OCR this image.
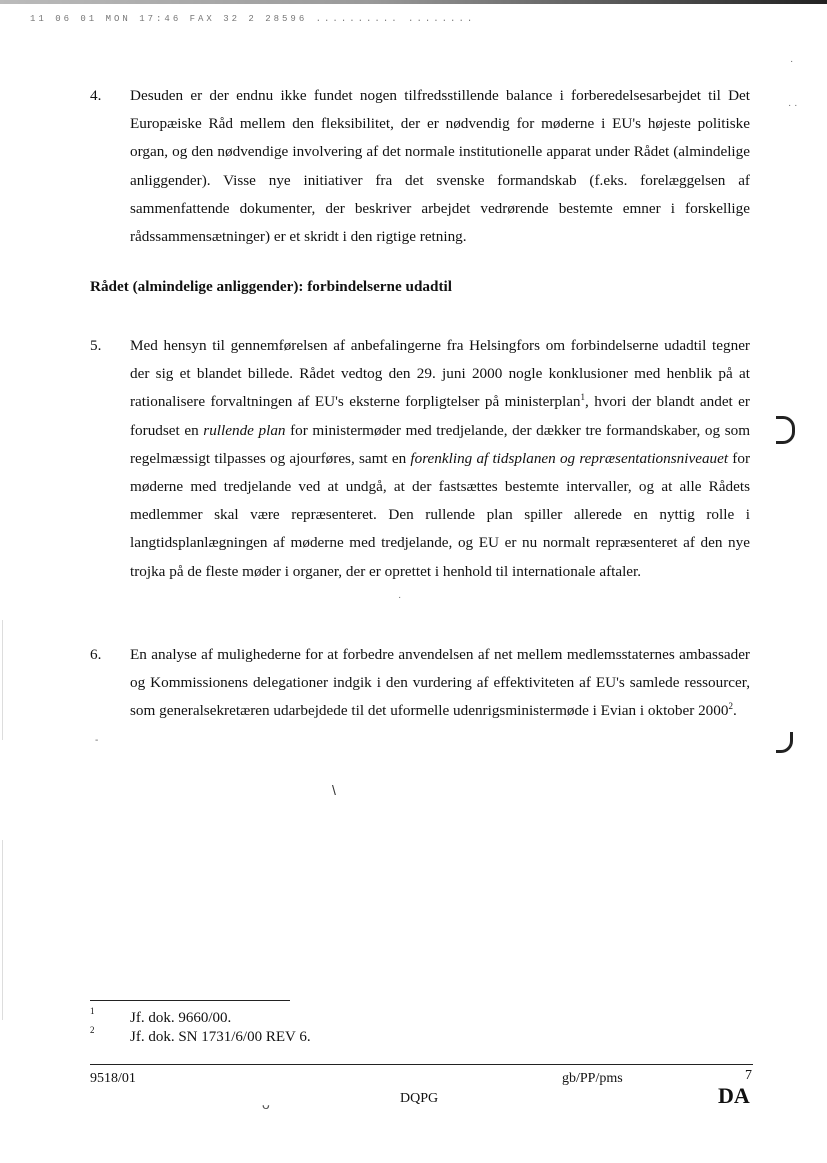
11 06 01 MON 17:46 FAX 32 2 28596 .......... ........
·
· ·
·
-
\
ᴗ
4. Desuden er der endnu ikke fundet nogen tilfredsstillende balance i forberedelsesarbejdet til Det Europæiske Råd mellem den fleksibilitet, der er nødvendig for møderne i EU's højeste politiske organ, og den nødvendige involvering af det normale institutionelle apparat under Rådet (almindelige anliggender). Visse nye initiativer fra det svenske formandskab (f.eks. forelæggelsen af sammenfattende dokumenter, der beskriver arbejdet vedrørende bestemte emner i forskellige rådssammensætninger) er et skridt i den rigtige retning.
Rådet (almindelige anliggender): forbindelserne udadtil
5. Med hensyn til gennemførelsen af anbefalingerne fra Helsingfors om forbindelserne udadtil tegner der sig et blandet billede. Rådet vedtog den 29. juni 2000 nogle konklusioner med henblik på at rationalisere forvaltningen af EU's eksterne forpligtelser på ministerplan$^1$, hvori der blandt andet er forudset en rullende plan for ministermøder med tredjelande, der dækker tre formandskaber, og som regelmæssigt tilpasses og ajourføres, samt en forenkling af tidsplanen og repræsentationsniveauet for møderne med tredjelande ved at undgå, at der fastsættes bestemte intervaller, og at alle Rådets medlemmer skal være repræsenteret. Den rullende plan spiller allerede en nyttig rolle i langtidsplanlægningen af møderne med tredjelande, og EU er nu normalt repræsenteret af den nye trojka på de fleste møder i organer, der er oprettet i henhold til internationale aftaler.
6. En analyse af mulighederne for at forbedre anvendelsen af net mellem medlemsstaternes ambassader og Kommissionens delegationer indgik i den vurdering af effektiviteten af EU's samlede ressourcer, som generalsekretæren udarbejdede til det uformelle udenrigsministermøde i Evian i oktober 2000$^2$.
1 Jf. dok. 9660/00.
2 Jf. dok. SN 1731/6/00 REV 6.
9518/01	gb/PP/pms	7
DQPG	DA
